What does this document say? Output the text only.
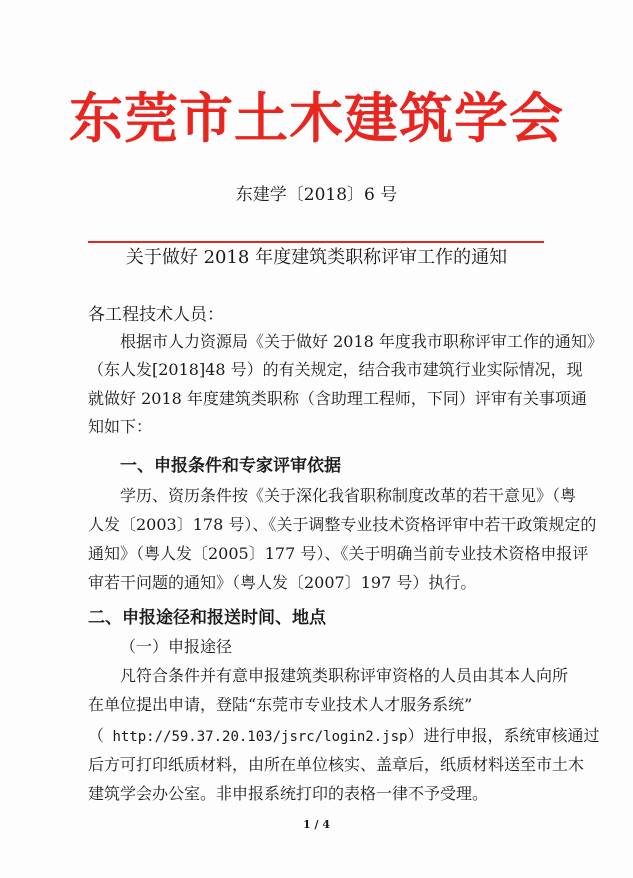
东莞市土木建筑学会
东建学〔2018〕6 号
关于做好 2018 年度建筑类职称评审工作的通知
各工程技术人员：
根据市人力资源局《关于做好 2018 年度我市职称评审工作的通知》
（东人发[2018]48 号）的有关规定，结合我市建筑行业实际情况，现
就做好 2018 年度建筑类职称（含助理工程师，下同）评审有关事项通
知如下：
一、申报条件和专家评审依据
学历、资历条件按《关于深化我省职称制度改革的若干意见》（粤
人发〔2003〕178 号）、《关于调整专业技术资格评审中若干政策规定的
通知》（粤人发〔2005〕177 号）、《关于明确当前专业技术资格申报评
审若干问题的通知》（粤人发〔2007〕197 号）执行。
二、申报途径和报送时间、地点
（一）申报途径
凡符合条件并有意申报建筑类职称评审资格的人员由其本人向所
在单位提出申请，登陆“东莞市专业技术人才服务系统”
（ http://59.37.20.103/jsrc/login2.jsp）进行申报，系统审核通过
后方可打印纸质材料，由所在单位核实、盖章后，纸质材料送至市土木
建筑学会办公室。非申报系统打印的表格一律不予受理。
1 / 4
